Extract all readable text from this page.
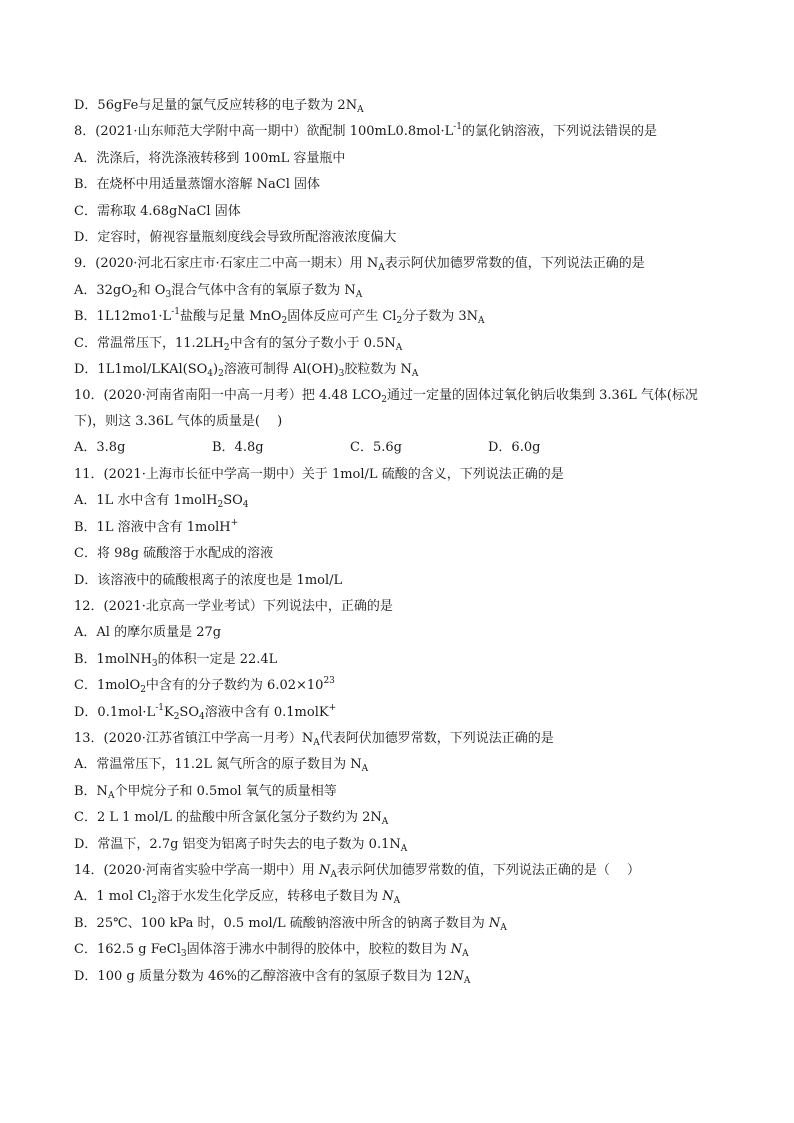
D．56gFe与足量的氯气反应转移的电子数为 $2N_A$
8．(2021·山东师范大学附中高一期中）欲配制 $100mL0.8mol\cdot L^{-1}$的氯化钠溶液，下列说法错误的是
A．洗涤后，将洗涤液转移到 100mL 容量瓶中
B．在烧杯中用适量蒸馏水溶解 NaCl 固体
C．需称取 4.68gNaCl 固体
D．定容时，俯视容量瓶刻度线会导致所配溶液浓度偏大
9．(2020·河北石家庄市·石家庄二中高一期末）用 $N_A$表示阿伏加德罗常数的值，下列说法正确的是
A．$32gO_2$和 $O_3$混合气体中含有的氧原子数为 $N_A$
B．$1L12mo1\cdot L^{-1}$盐酸与足量 MnO$_2$固体反应可产生 $Cl_2$分子数为 $3N_A$
C．常温常压下，$11.2LH_2$中含有的氢分子数小于 $0.5N_A$
D．$1L1mol/LKAl(SO_4)_2$溶液可制得 $Al(OH)_3$胶粒数为 $N_A$
10．(2020·河南省南阳一中高一月考）把 4.48 $LCO_2$通过一定量的固体过氧化钠后收集到 3.36L 气体(标况下)，则这 3.36L 气体的质量是(　 )
A．3.8g	B．4.8g	C．5.6g	D．6.0g
11．(2021·上海市长征中学高一期中）关于 1mol/L 硫酸的含义，下列说法正确的是
A．1L 水中含有 $1molH_2SO_4$
B．1L 溶液中含有 1molH+
C．将 98g 硫酸溶于水配成的溶液
D．该溶液中的硫酸根离子的浓度也是 1mol/L
12．(2021·北京高一学业考试）下列说法中，正确的是
A．Al 的摩尔质量是 27g
B．1molNH$_3$的体积一定是 22.4L
C．1molO$_2$中含有的分子数约为 $6.02\times 10^{23}$
D．$0.1mol\cdot L^{-1}K_2SO_4$溶液中含有 0.1molK+
13．(2020·江苏省镇江中学高一月考）$N_A$代表阿伏加德罗常数，下列说法正确的是
A．常温常压下，11.2L 氮气所含的原子数目为 $N_A$
B．$N_A$个甲烷分子和 0.5mol 氧气的质量相等
C．2 L 1 mol/L 的盐酸中所含氯化氢分子数约为 $2N_A$
D．常温下，2.7g 铝变为铝离子时失去的电子数为 $0.1N_A$
14．(2020·河南省实验中学高一期中）用 $N_A$表示阿伏加德罗常数的值，下列说法正确的是（　 ）
A．1 mol $Cl_2$溶于水发生化学反应，转移电子数目为 $N_A$
B．25℃、100 kPa 时，0.5 mol/L 硫酸钠溶液中所含的钠离子数目为 $N_A$
C．162.5 g FeCl$_3$固体溶于沸水中制得的胶体中，胶粒的数目为 $N_A$
D．100 g 质量分数为 46%的乙醇溶液中含有的氢原子数目为 $12N_A$
